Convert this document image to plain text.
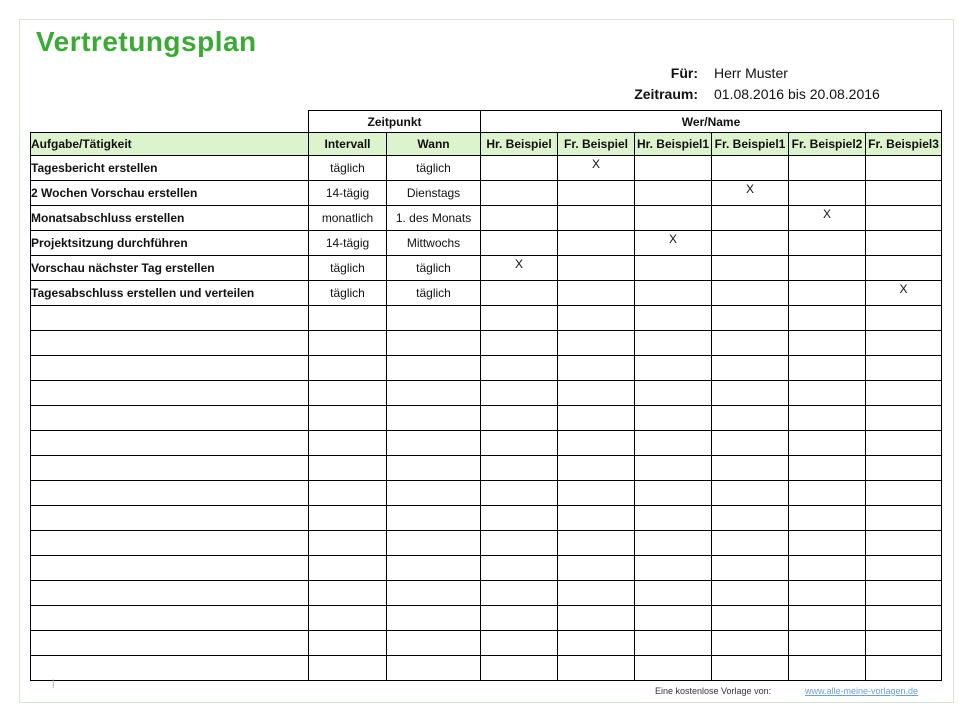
Vertretungsplan
Für: Herr Muster
Zeitraum: 01.08.2016 bis 20.08.2016
	Zeitpunkt		Wer/Name					
Aufgabe/Tätigkeit	Intervall	Wann	Hr. Beispiel	Fr. Beispiel	Hr. Beispiel1	Fr. Beispiel1	Fr. Beispiel2	Fr. Beispiel3
Tagesbericht erstellen	täglich	täglich		X				
2 Wochen Vorschau erstellen	14-tägig	Dienstags				X		
Monatsabschluss erstellen	monatlich	1. des Monats					X	
Projektsitzung durchführen	14-tägig	Mittwochs			X			
Vorschau nächster Tag erstellen	täglich	täglich	X					
Tagesabschluss erstellen und verteilen	täglich	täglich						X

|
Eine kostenlose Vorlage von:	www.alle-meine-vorlagen.de
